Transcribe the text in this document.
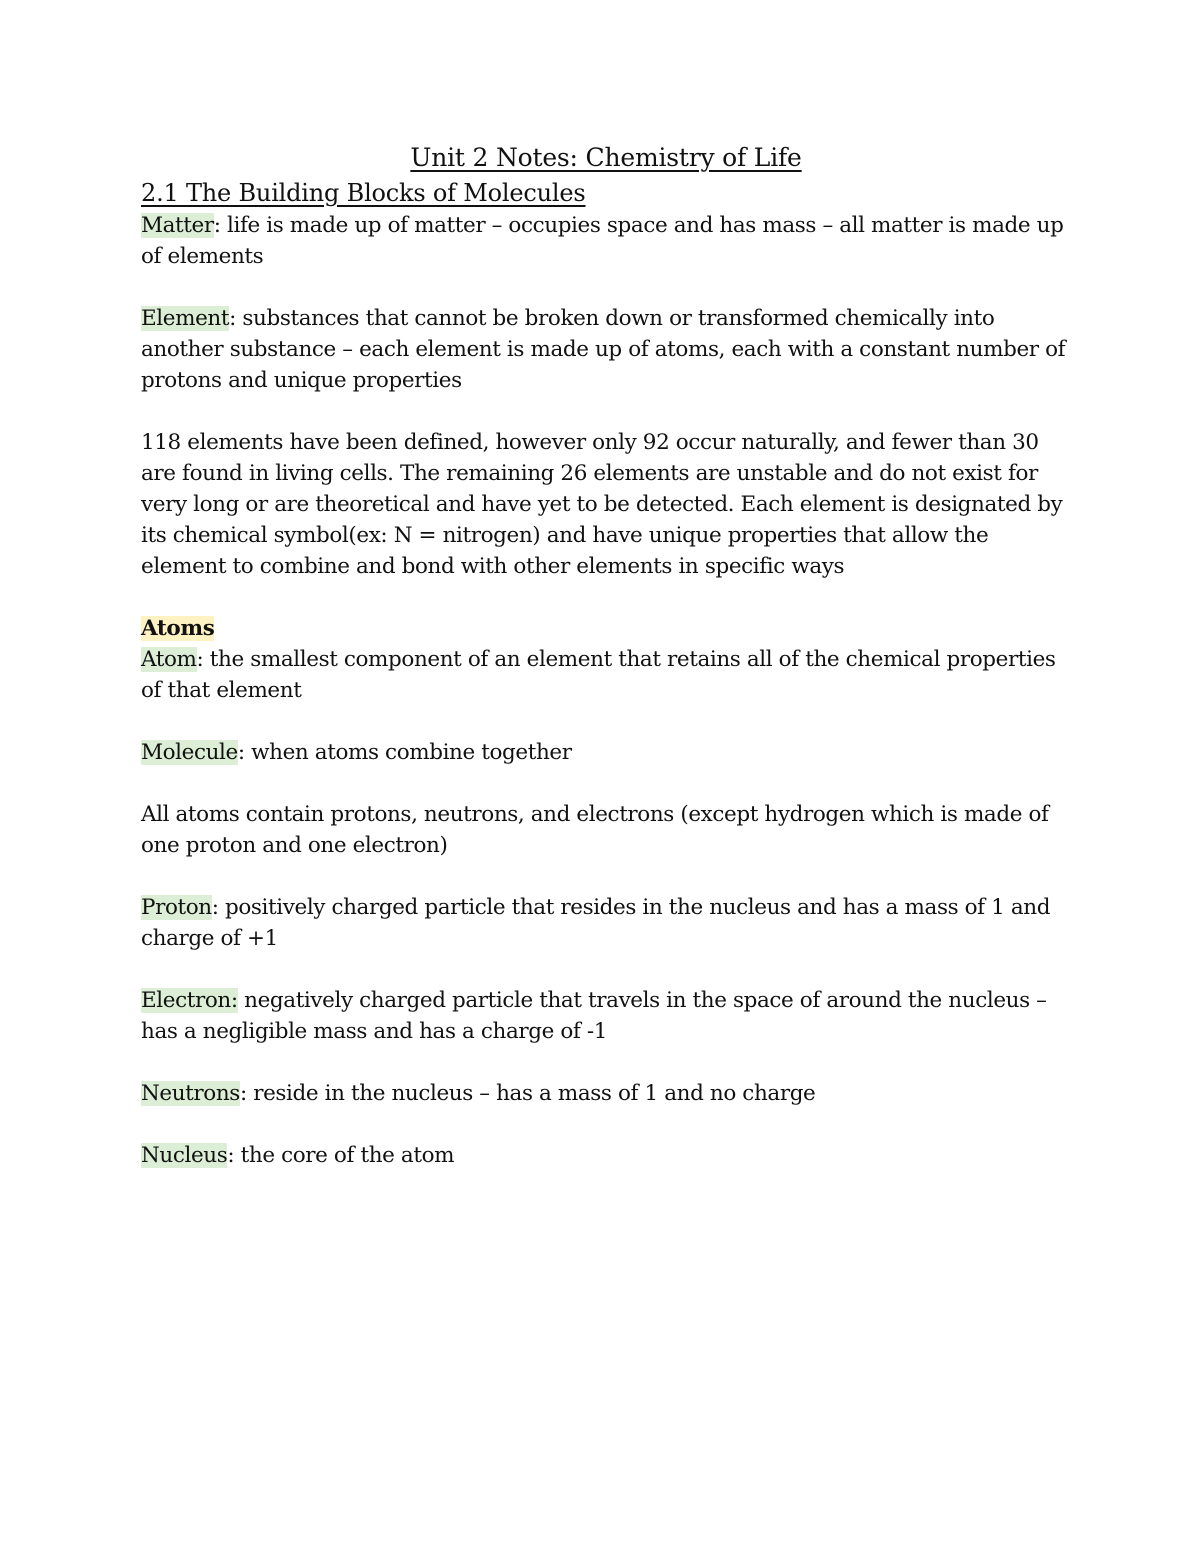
Unit 2 Notes: Chemistry of Life
2.1 The Building Blocks of Molecules

Matter: life is made up of matter – occupies space and has mass – all matter is made up of elements

Element: substances that cannot be broken down or transformed chemically into another substance – each element is made up of atoms, each with a constant number of protons and unique properties

118 elements have been defined, however only 92 occur naturally, and fewer than 30 are found in living cells. The remaining 26 elements are unstable and do not exist for very long or are theoretical and have yet to be detected. Each element is designated by its chemical symbol(ex: N = nitrogen) and have unique properties that allow the element to combine and bond with other elements in specific ways

Atoms

Atom: the smallest component of an element that retains all of the chemical properties of that element

Molecule: when atoms combine together

All atoms contain protons, neutrons, and electrons (except hydrogen which is made of one proton and one electron)

Proton: positively charged particle that resides in the nucleus and has a mass of 1 and charge of +1

Electron: negatively charged particle that travels in the space of around the nucleus – has a negligible mass and has a charge of -1

Neutrons: reside in the nucleus – has a mass of 1 and no charge

Nucleus: the core of the atom
